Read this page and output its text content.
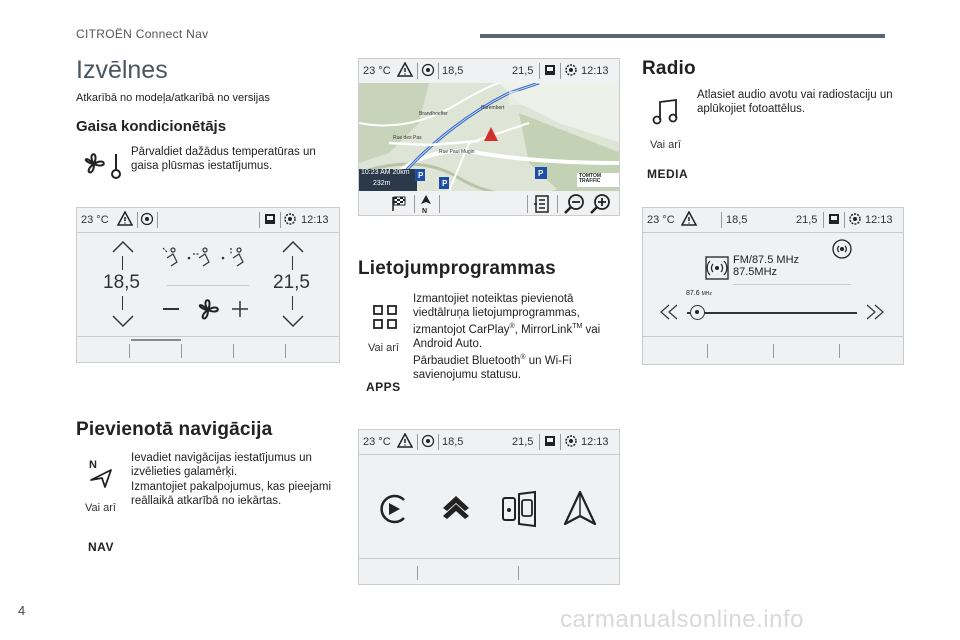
CITROËN Connect Nav
Izvēlnes
Atkarībā no modeļa/atkarībā no versijas
Gaisa kondicionētājs
Pārvaldiet dažādus temperatūras un gaisa plūsmas iestatījumus.
23 °C	12:13
18,5	21,5
Pievienotā navigācija
N
Vai arī
NAV
Ievadiet navigācijas iestatījumus un izvēlieties galamērķi.
Izmantojiet pakalpojumus, kas pieejami reāllaikā atkarībā no iekārtas.
23 °C	18,5	21,5	12:13
P
P
P
10:23 AM 20km
232m
Rue Paul Mugin
Rue des Pas
Burembert
Brandhoeffer
TOMTOM TRAFFIC
N
Lietojumprogrammas
Vai arī
APPS
Izmantojiet noteiktas pievienotā viedtālruņa lietojumprogrammas, izmantojot CarPlay®, MirrorLink™ vai Android Auto.
Pārbaudiet Bluetooth® un Wi-Fi savienojumu statusu.
23 °C	18,5	21,5	12:13
Radio
Vai arī
MEDIA
Atlasiet audio avotu vai radiostaciju un aplūkojiet fotoattēlus.
23 °C	18,5	21,5	12:13
FM/87.5 MHz
87.5MHz
87.6 MHz
4	carmanualsonline.info
